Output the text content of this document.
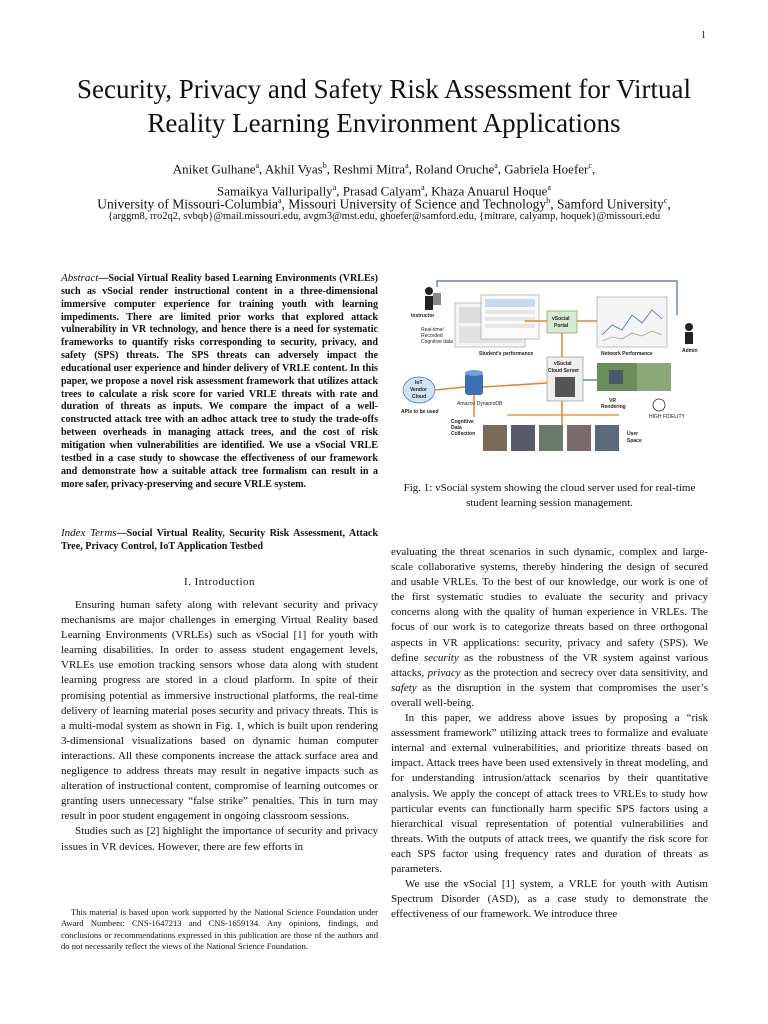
1
Security, Privacy and Safety Risk Assessment for Virtual Reality Learning Environment Applications
Aniket Gulhane$^a$, Akhil Vyas$^b$, Reshmi Mitra$^a$, Roland Oruche$^a$, Gabriela Hoefer$^c$,
Samaikya Valluripally$^a$, Prasad Calyam$^a$, Khaza Anuarul Hoque$^a$
University of Missouri-Columbia$^a$, Missouri University of Science and Technology$^b$, Samford University$^c$,
{arggm8, rro2q2, svbqb}@mail.missouri.edu, avgm3@mst.edu, ghoefer@samford.edu, {mitrare, calyamp, hoquek}@missouri.edu
Abstract—Social Virtual Reality based Learning Environments (VRLEs) such as vSocial render instructional content in a three-dimensional immersive computer experience for training youth with learning impediments. There are limited prior works that explored attack vulnerability in VR technology, and hence there is a need for systematic frameworks to quantify risks corresponding to security, privacy, and safety (SPS) threats. The SPS threats can adversely impact the educational user experience and hinder delivery of VRLE content. In this paper, we propose a novel risk assessment framework that utilizes attack trees to calculate a risk score for varied VRLE threats with rate and duration of threats as inputs. We compare the impact of a well-constructed attack tree with an adhoc attack tree to study the trade-offs between overheads in managing attack trees, and the cost of risk mitigation when vulnerabilities are identified. We use a vSocial VRLE testbed in a case study to showcase the effectiveness of our framework and demonstrate how a suitable attack tree formalism can result in a more safer, privacy-preserving and secure VRLE system.
Index Terms—Social Virtual Reality, Security Risk Assessment, Attack Tree, Privacy Control, IoT Application Testbed
I. Introduction

Ensuring human safety along with relevant security and privacy mechanisms are major challenges in emerging Virtual Reality based Learning Environments (VRLEs) such as vSocial [1] for youth with learning disabilities. In order to assess student engagement levels, VRLEs use emotion tracking sensors whose data along with student learning progress are stored in a cloud platform. In spite of their promising potential as immersive instructional platforms, the real-time delivery of learning material poses security and privacy threats. This is a multi-modal system as shown in Fig. 1, which is built upon rendering 3-dimensional visualizations based on dynamic human computer interactions. All these components increase the attack surface area and negligence to address threats may result in negative impacts such as alteration of instructional content, compromise of learning outcomes or granting users unnecessary “false strike” penalties. This in turn may result in poor student engagement in ongoing classroom sessions.

Studies such as [2] highlight the importance of security and privacy issues in VR devices. However, there are few efforts in

This material is based upon work supported by the National Science Foundation under Award Numbers: CNS-1647213 and CNS-1659134. Any opinions, findings, and conclusions or recommendations expressed in this publication are those of the authors and do not necessarily reflect the views of the National Science Foundation.
Instructor
Real-time/
Recorded
Cognitive data
Student's performance
vSocial
Portal
Network Performance	Admin
vSocial
Cloud Server
IoT
Vendor
Cloud
APIs to be used
Amazon DynamoDB	VR
Rendering
HIGH FIDELITY
Cognitive
Data
Collection	User
Space
Fig. 1: vSocial system showing the cloud server used for real-time student learning session management.

evaluating the threat scenarios in such dynamic, complex and large-scale collaborative systems, thereby hindering the design of secured and usable VRLEs. To the best of our knowledge, our work is one of the first systematic studies to evaluate the security and privacy concerns along with the quality of human experience in VRLEs. The focus of our work is to categorize threats based on three orthogonal aspects in VR applications: security, privacy and safety (SPS). We define security as the robustness of the VR system against various attacks, privacy as the protection and secrecy over data sensitivity, and safety as the disruption in the system that compromises the user’s overall well-being.

In this paper, we address above issues by proposing a “risk assessment framework” utilizing attack trees to formalize and evaluate internal and external vulnerabilities, and prioritize threats based on impact. Attack trees have been used extensively in threat modeling, and for understanding intrusion/attack scenarios by their quantitative analysis. We apply the concept of attack trees to VRLEs to study how particular events can functionally harm specific SPS factors using a hierarchical visual representation of potential vulnerabilities and threats. With the outputs of attack trees, we quantify the risk score for each SPS factor using frequency rates and duration of threats as parameters.

We use the vSocial [1] system, a VRLE for youth with Autism Spectrum Disorder (ASD), as a case study to demonstrate the effectiveness of our framework. We introduce three
